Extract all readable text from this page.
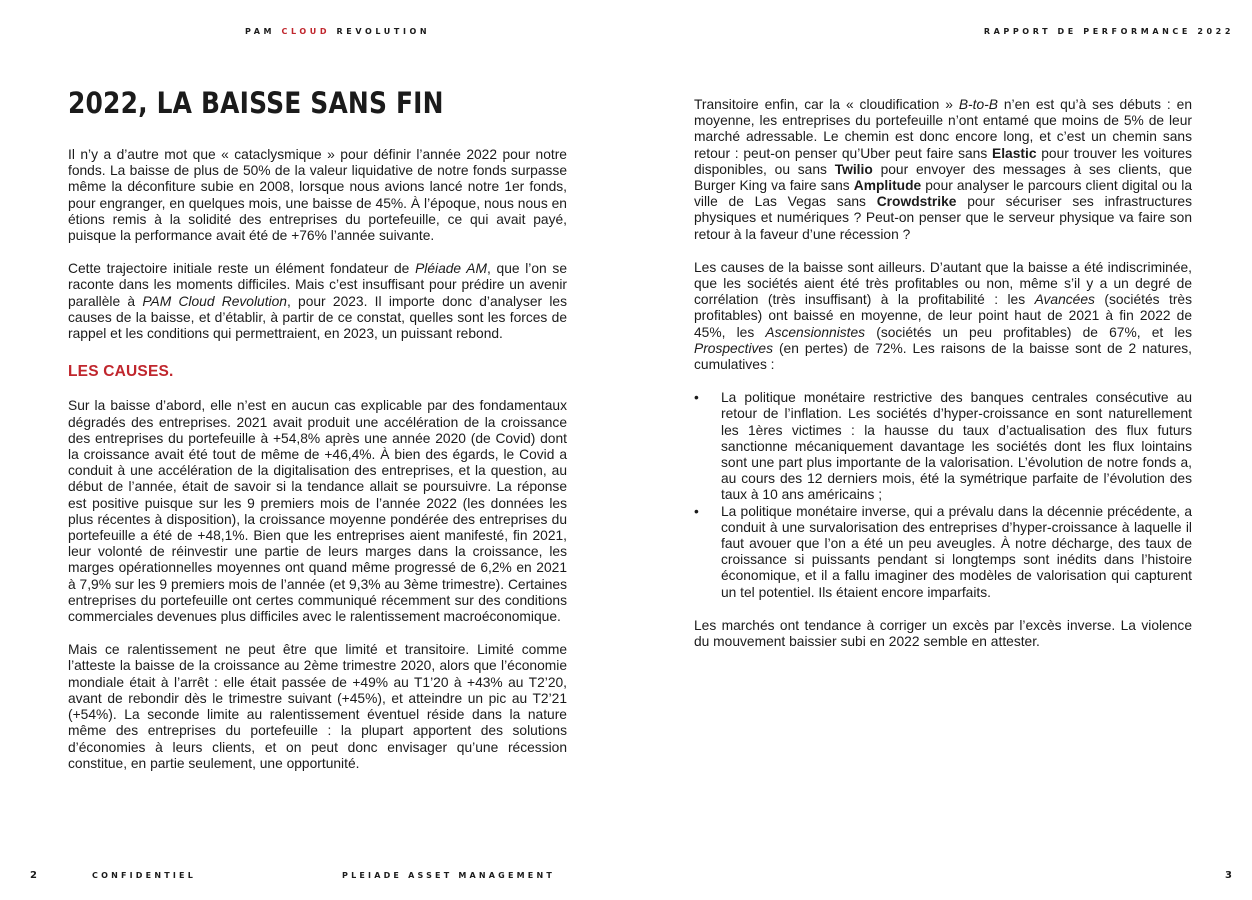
PAM CLOUD REVOLUTION	RAPPORT DE PERFORMANCE 2022
2022, LA BAISSE SANS FIN

Il n’y a d’autre mot que « cataclysmique » pour définir l’année 2022 pour notre fonds. La baisse de plus de 50% de la valeur liquidative de notre fonds surpasse même la déconfiture subie en 2008, lorsque nous avions lancé notre 1er fonds, pour engranger, en quelques mois, une baisse de 45%. À l’époque, nous nous en étions remis à la solidité des entreprises du portefeuille, ce qui avait payé, puisque la performance avait été de +76% l’année suivante.

Cette trajectoire initiale reste un élément fondateur de Pléiade AM, que l’on se raconte dans les moments difficiles. Mais c’est insuffisant pour prédire un avenir parallèle à PAM Cloud Revolution, pour 2023. Il importe donc d’analyser les causes de la baisse, et d’établir, à partir de ce constat, quelles sont les forces de rappel et les conditions qui permettraient, en 2023, un puissant rebond.

LES CAUSES.

Sur la baisse d’abord, elle n’est en aucun cas explicable par des fondamentaux dégradés des entreprises. 2021 avait produit une accélération de la croissance des entreprises du portefeuille à +54,8% après une année 2020 (de Covid) dont la croissance avait été tout de même de +46,4%. À bien des égards, le Covid a conduit à une accélération de la digitalisation des entreprises, et la question, au début de l’année, était de savoir si la tendance allait se poursuivre. La réponse est positive puisque sur les 9 premiers mois de l’année 2022 (les données les plus récentes à disposition), la croissance moyenne pondérée des entreprises du portefeuille a été de +48,1%. Bien que les entreprises aient manifesté, fin 2021, leur volonté de réinvestir une partie de leurs marges dans la croissance, les marges opérationnelles moyennes ont quand même progressé de 6,2% en 2021 à 7,9% sur les 9 premiers mois de l’année (et 9,3% au 3ème trimestre). Certaines entreprises du portefeuille ont certes communiqué récemment sur des conditions commerciales devenues plus difficiles avec le ralentissement macroéconomique.

Mais ce ralentissement ne peut être que limité et transitoire. Limité comme l’atteste la baisse de la croissance au 2ème trimestre 2020, alors que l’économie mondiale était à l’arrêt : elle était passée de +49% au T1’20 à +43% au T2’20, avant de rebondir dès le trimestre suivant (+45%), et atteindre un pic au T2’21 (+54%). La seconde limite au ralentissement éventuel réside dans la nature même des entreprises du portefeuille : la plupart apportent des solutions d’économies à leurs clients, et on peut donc envisager qu’une récession constitue, en partie seulement, une opportunité.

Transitoire enfin, car la « cloudification » B-to-B n’en est qu’à ses débuts : en moyenne, les entreprises du portefeuille n’ont entamé que moins de 5% de leur marché adressable. Le chemin est donc encore long, et c’est un chemin sans retour : peut-on penser qu’Uber peut faire sans Elastic pour trouver les voitures disponibles, ou sans Twilio pour envoyer des messages à ses clients, que Burger King va faire sans Amplitude pour analyser le parcours client digital ou la ville de Las Vegas sans Crowdstrike pour sécuriser ses infrastructures physiques et numériques ? Peut-on penser que le serveur physique va faire son retour à la faveur d’une récession ?

Les causes de la baisse sont ailleurs. D’autant que la baisse a été indiscriminée, que les sociétés aient été très profitables ou non, même s’il y a un degré de corrélation (très insuffisant) à la profitabilité : les Avancées (sociétés très profitables) ont baissé en moyenne, de leur point haut de 2021 à fin 2022 de 45%, les Ascensionnistes (sociétés un peu profitables) de 67%, et les Prospectives (en pertes) de 72%. Les raisons de la baisse sont de 2 natures, cumulatives :

• La politique monétaire restrictive des banques centrales consécutive au retour de l’inflation. Les sociétés d’hyper-croissance en sont naturellement les 1ères victimes : la hausse du taux d’actualisation des flux futurs sanctionne mécaniquement davantage les sociétés dont les flux lointains sont une part plus importante de la valorisation. L’évolution de notre fonds a, au cours des 12 derniers mois, été la symétrique parfaite de l’évolution des taux à 10 ans américains ;
• La politique monétaire inverse, qui a prévalu dans la décennie précédente, a conduit à une survalorisation des entreprises d’hyper-croissance à laquelle il faut avouer que l’on a été un peu aveugles. À notre décharge, des taux de croissance si puissants pendant si longtemps sont inédits dans l’histoire économique, et il a fallu imaginer des modèles de valorisation qui capturent un tel potentiel. Ils étaient encore imparfaits.

Les marchés ont tendance à corriger un excès par l’excès inverse. La violence du mouvement baissier subi en 2022 semble en attester.

2	CONFIDENTIEL	PLEIADE ASSET MANAGEMENT	3
